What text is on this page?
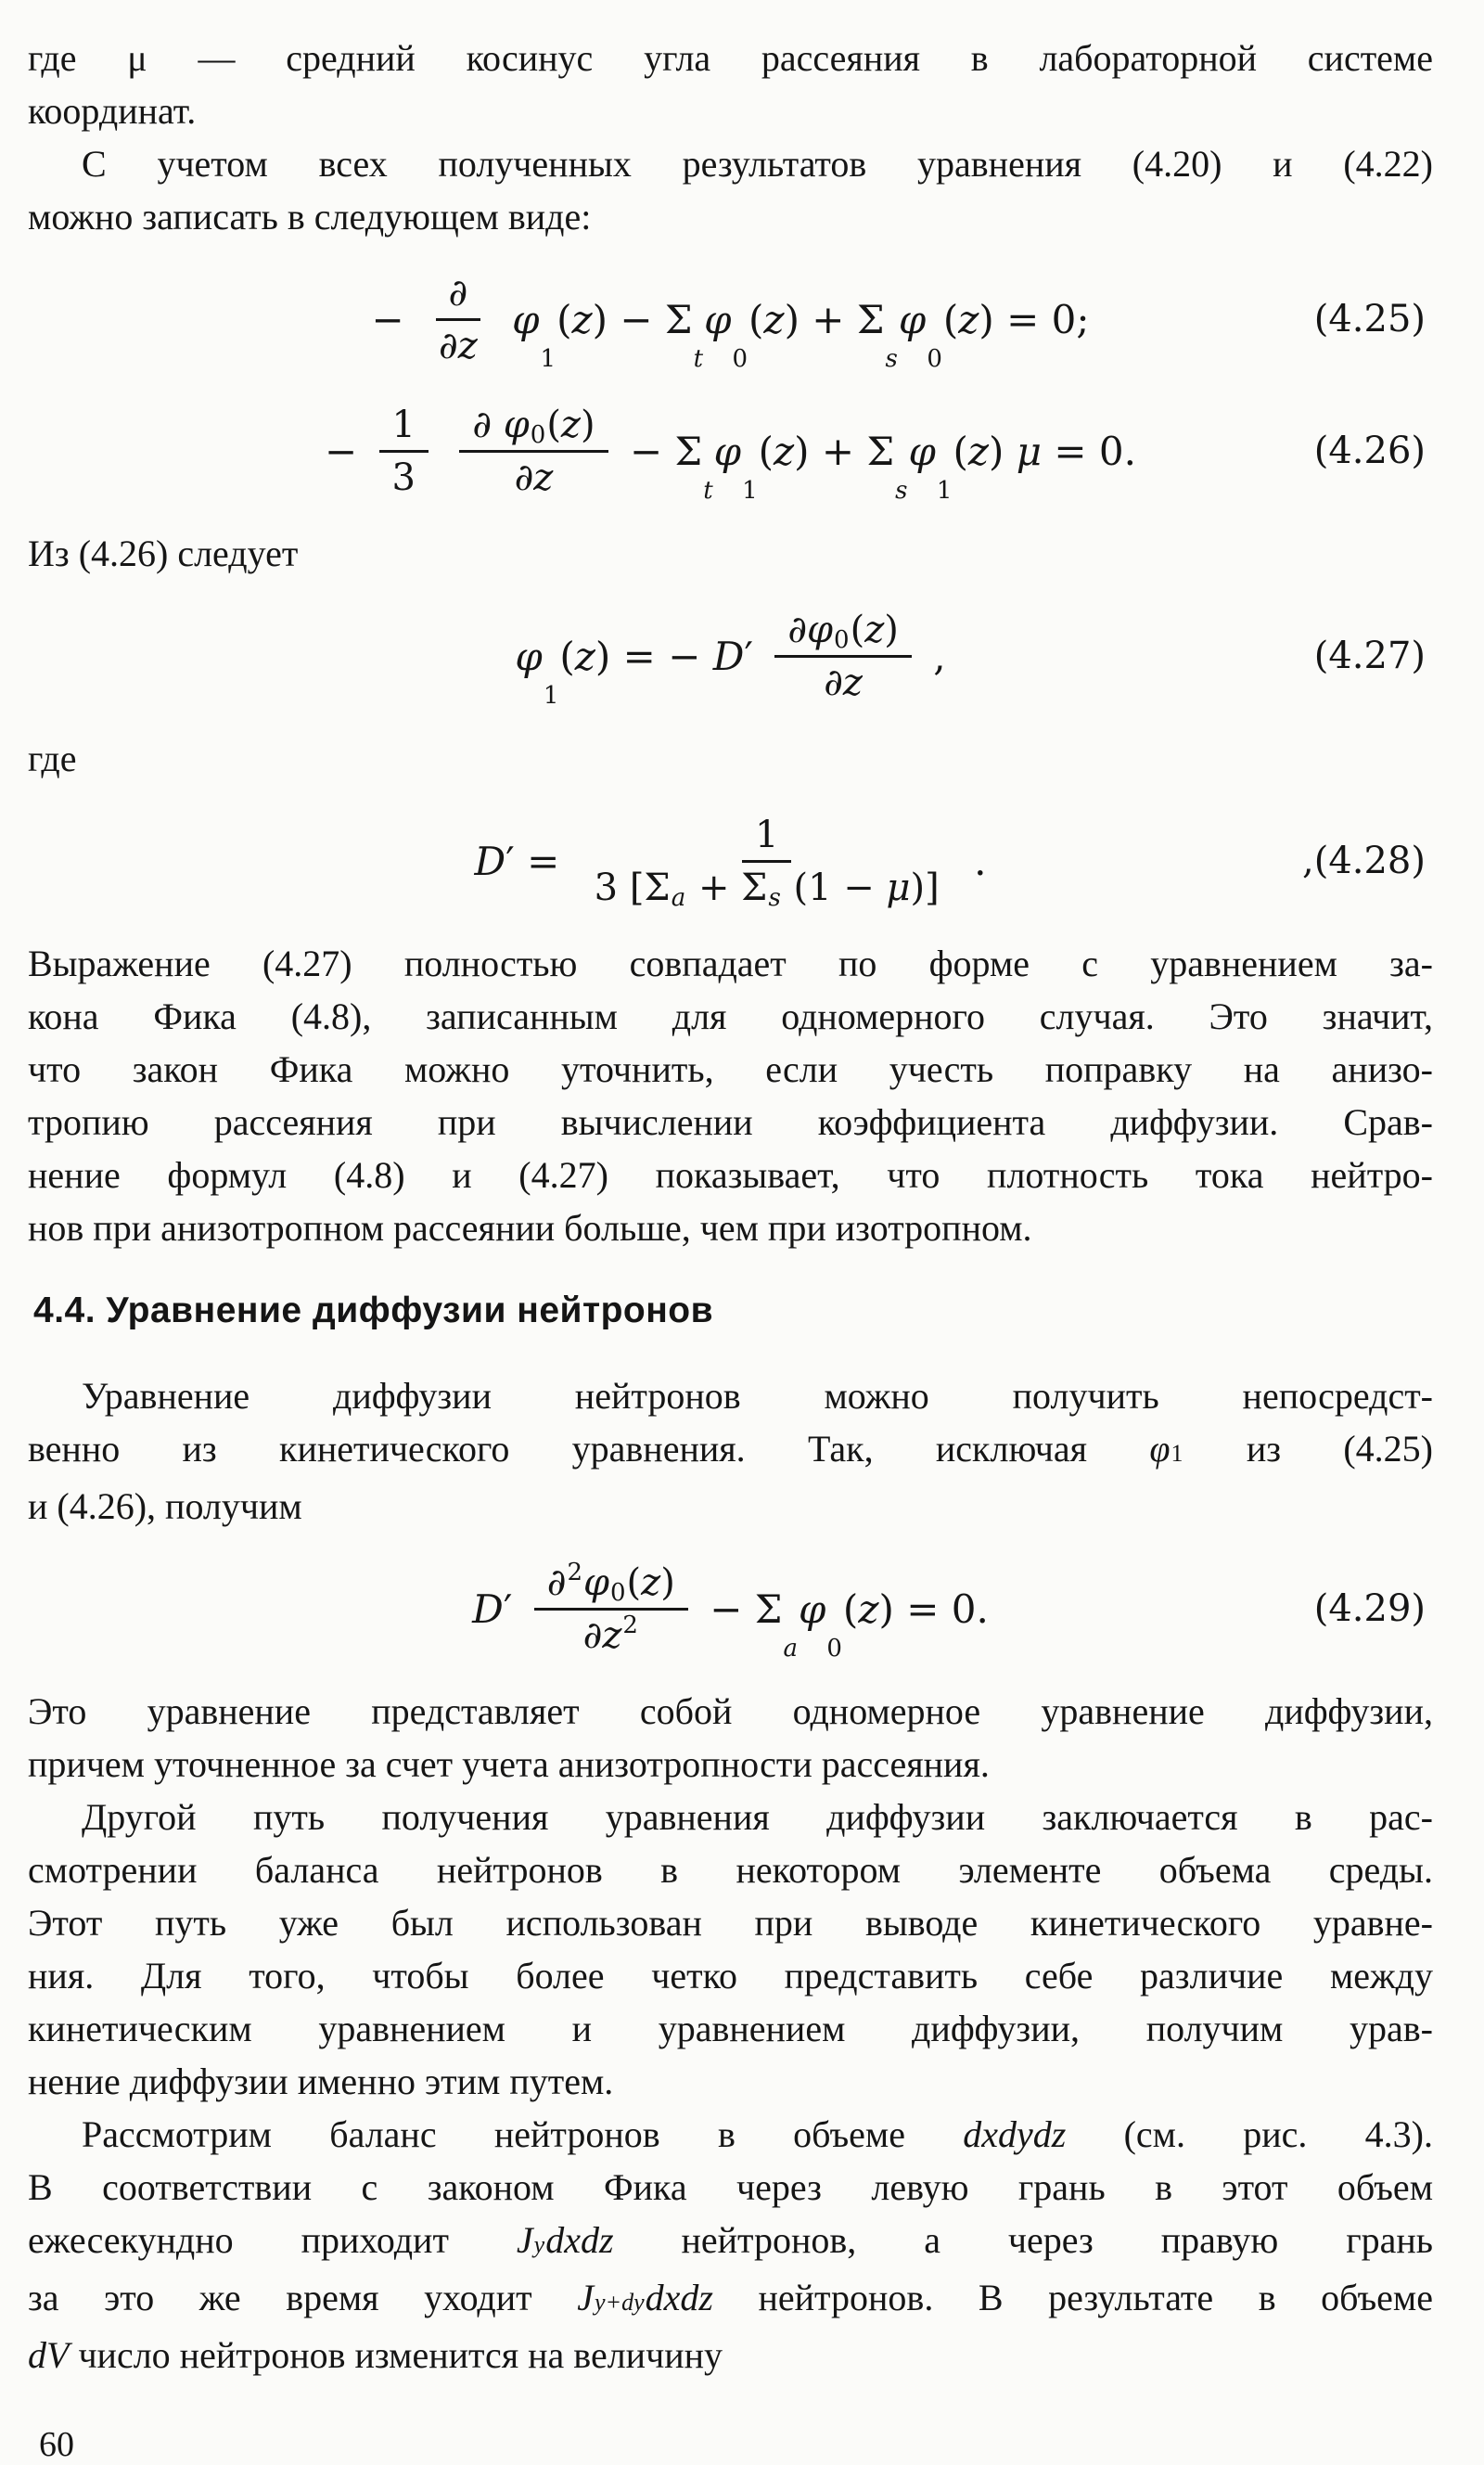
где μ — средний косинус угла рассеяния в лабораторной системе
координат.
С учетом всех полученных результатов уравнения (4.20) и (4.22)
можно записать в следующем виде:
− $\frac{\partial}{\partial z}$
φ
1
( z ) − Σ
t
φ
0
( z ) + Σ
s
φ
0
( z ) = 0;	(4.25)
− $\frac{1}{3}$
$\frac{\partial \varphi 0 ( z )}{\partial z} - \Sigma$
t
φ
1
( z ) + Σ
s
φ
1
( z ) μ = 0.	(4.26)
Из (4.26) следует
φ
1
( z ) = − D ′ $\frac{\partial \varphi 0 ( z )}{\partial z}$ ,	(4.27)
где
D ′ = $\frac{1}{\text{3 [Σ a + Σ s (1 − μ )]}}$ .	,(4.28)
Выражение (4.27) полностью совпадает по форме с уравнением за-
кона Фика (4.8), записанным для одномерного случая. Это значит,
что закон Фика можно уточнить, если учесть поправку на анизо-
тропию рассеяния при вычислении коэффициента диффузии. Срав-
нение формул (4.8) и (4.27) показывает, что плотность тока нейтро-
нов при анизотропном рассеянии больше, чем при изотропном.
4.4. Уравнение диффузии нейтронов
Уравнение диффузии нейтронов можно получить непосредст-
венно из кинетического уравнения. Так, исключая φ1 из (4.25)
и (4.26), получим
D ′ $\frac{\partial 2 \varphi 0 ( z )}{\partial z 2} - \Sigma$
a
φ
0
( z ) = 0.	(4.29)
Это уравнение представляет собой одномерное уравнение диффузии,
причем уточненное за счет учета анизотропности рассеяния.
Другой путь получения уравнения диффузии заключается в рас-
смотрении баланса нейтронов в некотором элементе объема среды.
Этот путь уже был использован при выводе кинетического уравне-
ния. Для того, чтобы более четко представить себе различие между
кинетическим уравнением и уравнением диффузии, получим урав-
нение диффузии именно этим путем.
Рассмотрим баланс нейтронов в объеме dxdydz (см. рис. 4.3).
В соответствии с законом Фика через левую грань в этот объем
ежесекундно приходит Jydxdz нейтронов, а через правую грань
за это же время уходит Jy+dydxdz нейтронов. В результате в объеме
dV число нейтронов изменится на величину
60
